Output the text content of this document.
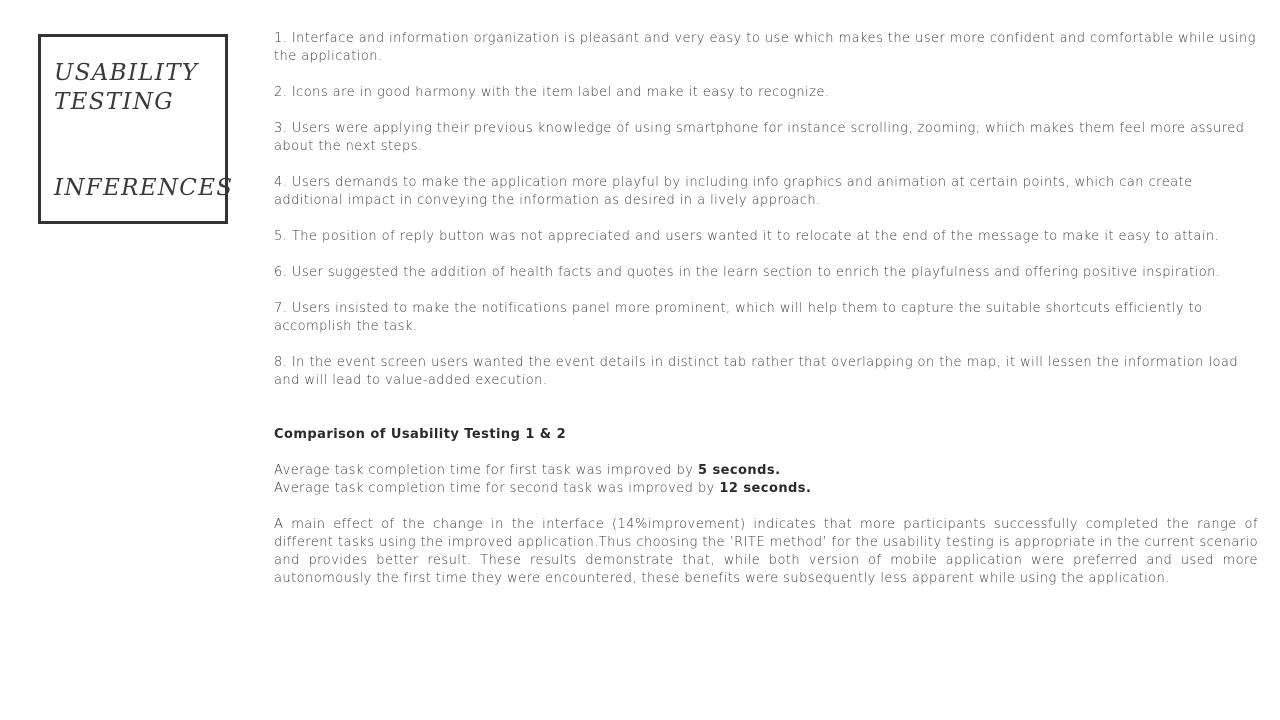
USABILITY
TESTING
INFERENCES

1. Interface and information organization is pleasant and very easy to use which makes the user more confident and comfortable while using the application.

2. Icons are in good harmony with the item label and make it easy to recognize.

3. Users were applying their previous knowledge of using smartphone for instance scrolling, zooming; which makes them feel more assured about the next steps.

4. Users demands to make the application more playful by including info graphics and animation at certain points, which can create additional impact in conveying the information as desired in a lively approach.

5. The position of reply button was not appreciated and users wanted it to relocate at the end of the message to make it easy to attain.

6. User suggested the addition of health facts and quotes in the learn section to enrich the playfulness and offering positive inspiration.

7. Users insisted to make the notifications panel more prominent, which will help them to capture the suitable shortcuts efficiently to accomplish the task.

8. In the event screen users wanted the event details in distinct tab rather that overlapping on the map, it will lessen the information load and will lead to value-added execution.

Comparison of Usability Testing 1 & 2

Average task completion time for first task was improved by 5 seconds.

Average task completion time for second task was improved by 12 seconds.

A main effect of the change in the interface (14%improvement) indicates that more participants successfully completed the range of different tasks using the improved application.Thus choosing the ’RITE method’ for the usability testing is appropriate in the current scenario and provides better result. These results demonstrate that, while both version of mobile application were preferred and used more autonomously the first time they were encountered, these benefits were subsequently less apparent while using the application.
